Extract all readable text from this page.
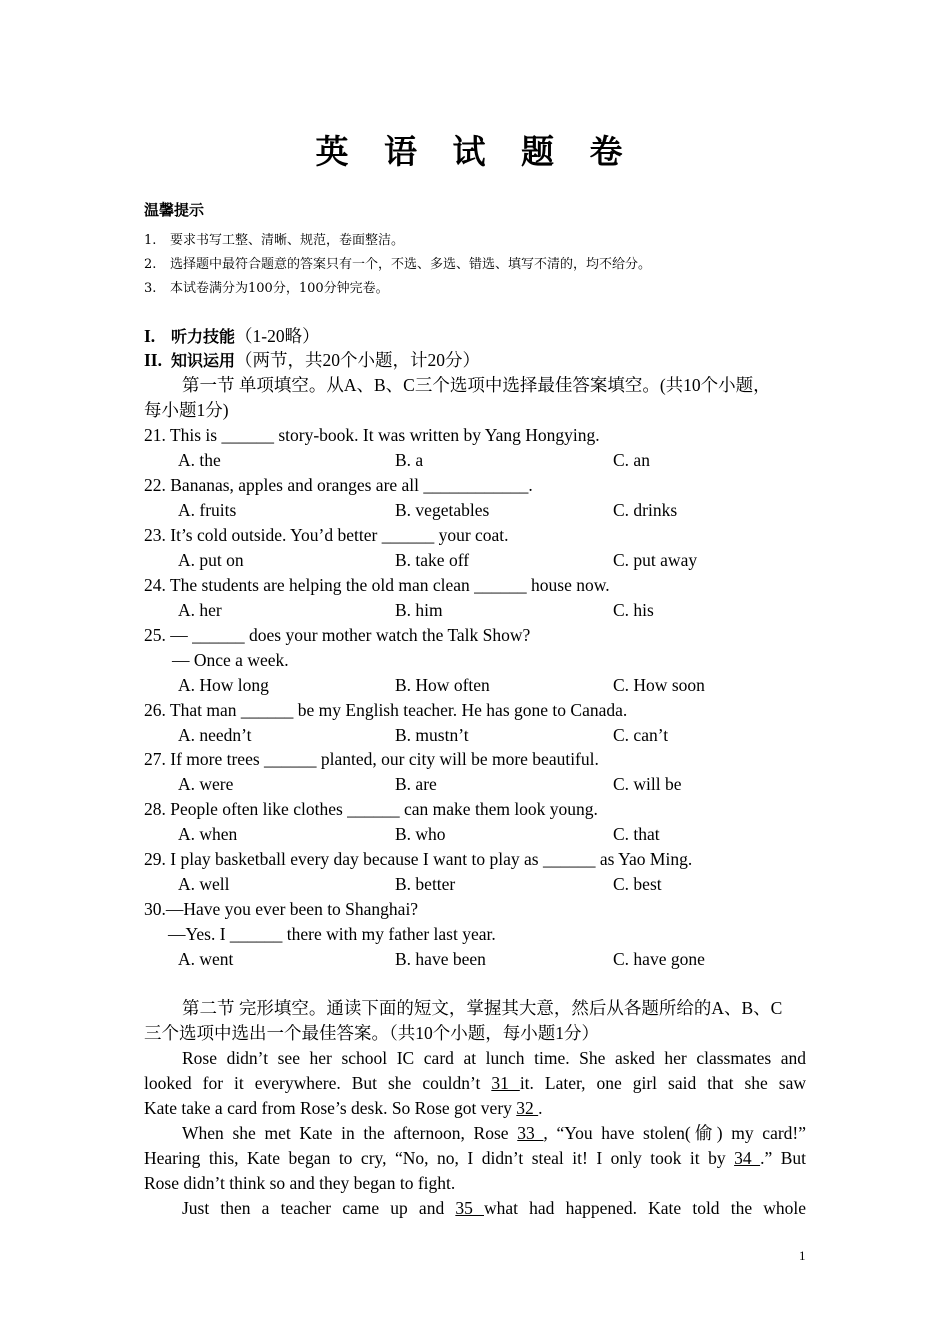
英 语 试 题 卷
温馨提示
1. 要求书写工整、清晰、规范，卷面整洁。
2. 选择题中最符合题意的答案只有一个，不选、多选、错选、填写不清的，均不给分。
3. 本试卷满分为100分，100分钟完卷。
I. 听力技能（1-20略）
II. 知识运用（两节，共20个小题，计20分）
第一节 单项填空。从A、B、C三个选项中选择最佳答案填空。(共10个小题，
每小题1分)
21. This is ______ story-book. It was written by Yang Hongying.
A. the	B. a	C. an
22. Bananas, apples and oranges are all ____________.
A. fruits	B. vegetables	C. drinks
23. It’s cold outside. You’d better ______ your coat.
A. put on	B. take off	C. put away
24. The students are helping the old man clean ______ house now.
A. her	B. him	C. his
25. — ______ does your mother watch the Talk Show?
— Once a week.
A. How long	B. How often	C. How soon
26. That man ______ be my English teacher. He has gone to Canada.
A. needn’t	B. mustn’t	C. can’t
27. If more trees ______ planted, our city will be more beautiful.
A. were	B. are	C. will be
28. People often like clothes ______ can make them look young.
A. when	B. who	C. that
29. I play basketball every day because I want to play as ______ as Yao Ming.
A. well	B. better	C. best
30.—Have you ever been to Shanghai?
—Yes. I ______ there with my father last year.
A. went	B. have been	C. have gone
第二节 完形填空。通读下面的短文，掌握其大意，然后从各题所给的A、B、C
三个选项中选出一个最佳答案。（共10个小题，每小题1分）
Rose didn’t see her school IC card at lunch time. She asked her classmates and
looked for it everywhere. But she couldn’t 31 it. Later, one girl said that she saw
Kate take a card from Rose’s desk. So Rose got very 32 .
When she met Kate in the afternoon, Rose 33 , “You have stolen(偷) my card!”
Hearing this, Kate began to cry, “No, no, I didn’t steal it! I only took it by 34 .” But
Rose didn’t think so and they began to fight.
Just then a teacher came up and 35 what had happened. Kate told the whole
1
